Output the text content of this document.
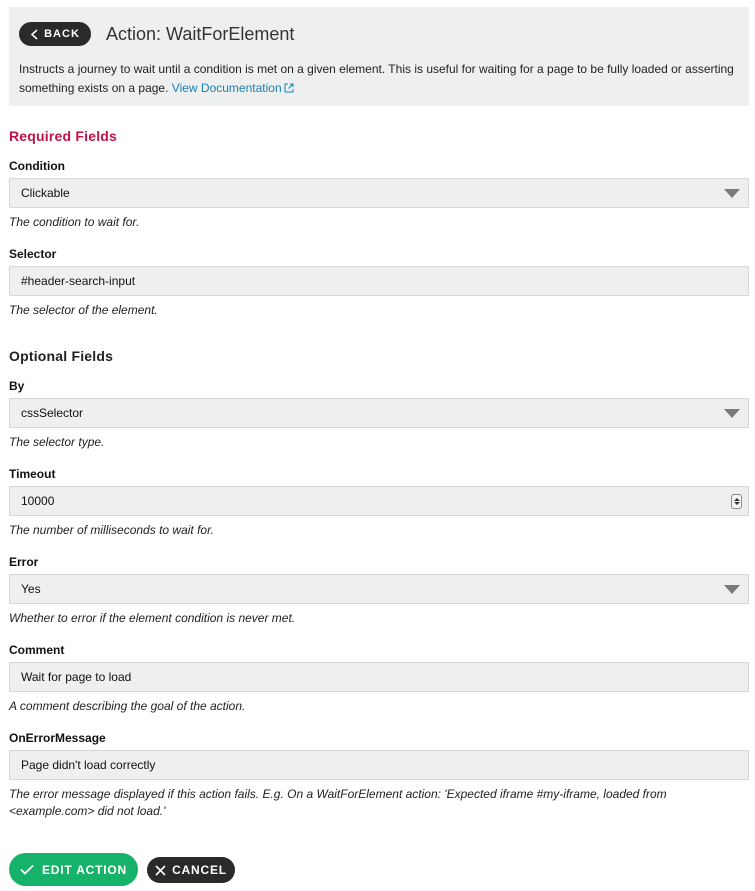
BACK Action: WaitForElement

Instructs a journey to wait until a condition is met on a given element. This is useful for waiting for a page to be fully loaded or asserting something exists on a page. View Documentation

Required Fields
Condition
Clickable

The condition to wait for.

Selector
#header-search-input

The selector of the element.

Optional Fields
By
cssSelector

The selector type.

Timeout
10000

The number of milliseconds to wait for.

Error
Yes

Whether to error if the element condition is never met.

Comment
Wait for page to load

A comment describing the goal of the action.

OnErrorMessage
Page didn't load correctly

The error message displayed if this action fails. E.g. On a WaitForElement action: 'Expected iframe #my-iframe, loaded from <example.com> did not load.'

EDIT ACTION	CANCEL
